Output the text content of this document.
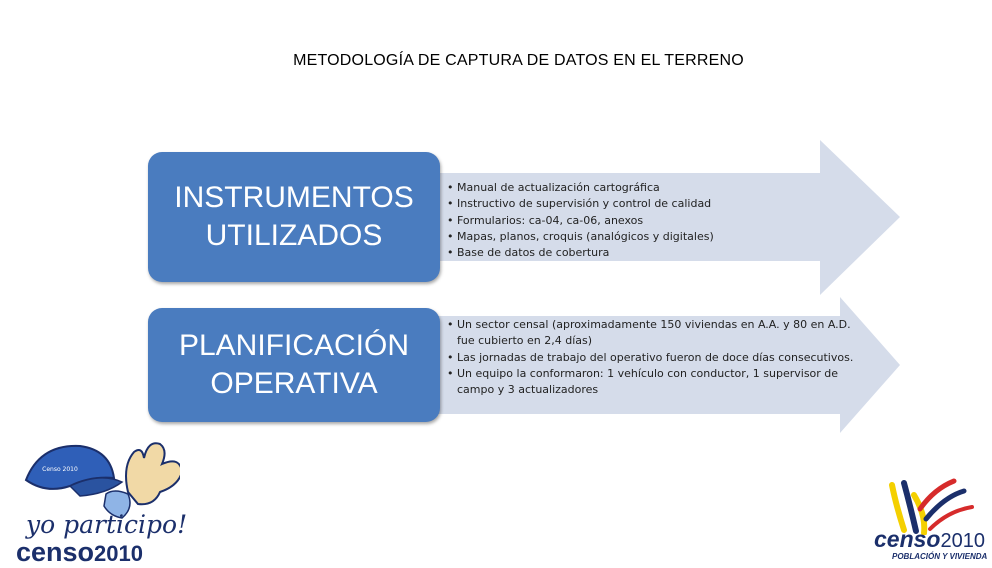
METODOLOGÍA DE CAPTURA DE DATOS EN EL TERRENO
INSTRUMENTOS
UTILIZADOS
• Manual de actualización cartográfica
• Instructivo de supervisión y control de calidad
• Formularios: ca-04, ca-06, anexos
• Mapas, planos, croquis (analógicos y digitales)
• Base de datos de cobertura
PLANIFICACIÓN
OPERATIVA
• Un sector censal (aproximadamente 150 viviendas en A.A. y 80 en A.D. fue cubierto en 2,4 días)
• Las jornadas de trabajo del operativo fueron de doce días consecutivos.
• Un equipo la conformaron: 1 vehículo con conductor, 1 supervisor de campo y 3 actualizadores
Censo 2010
yo participo!
censo2010
censo2010
POBLACIÓN Y VIVIENDA
